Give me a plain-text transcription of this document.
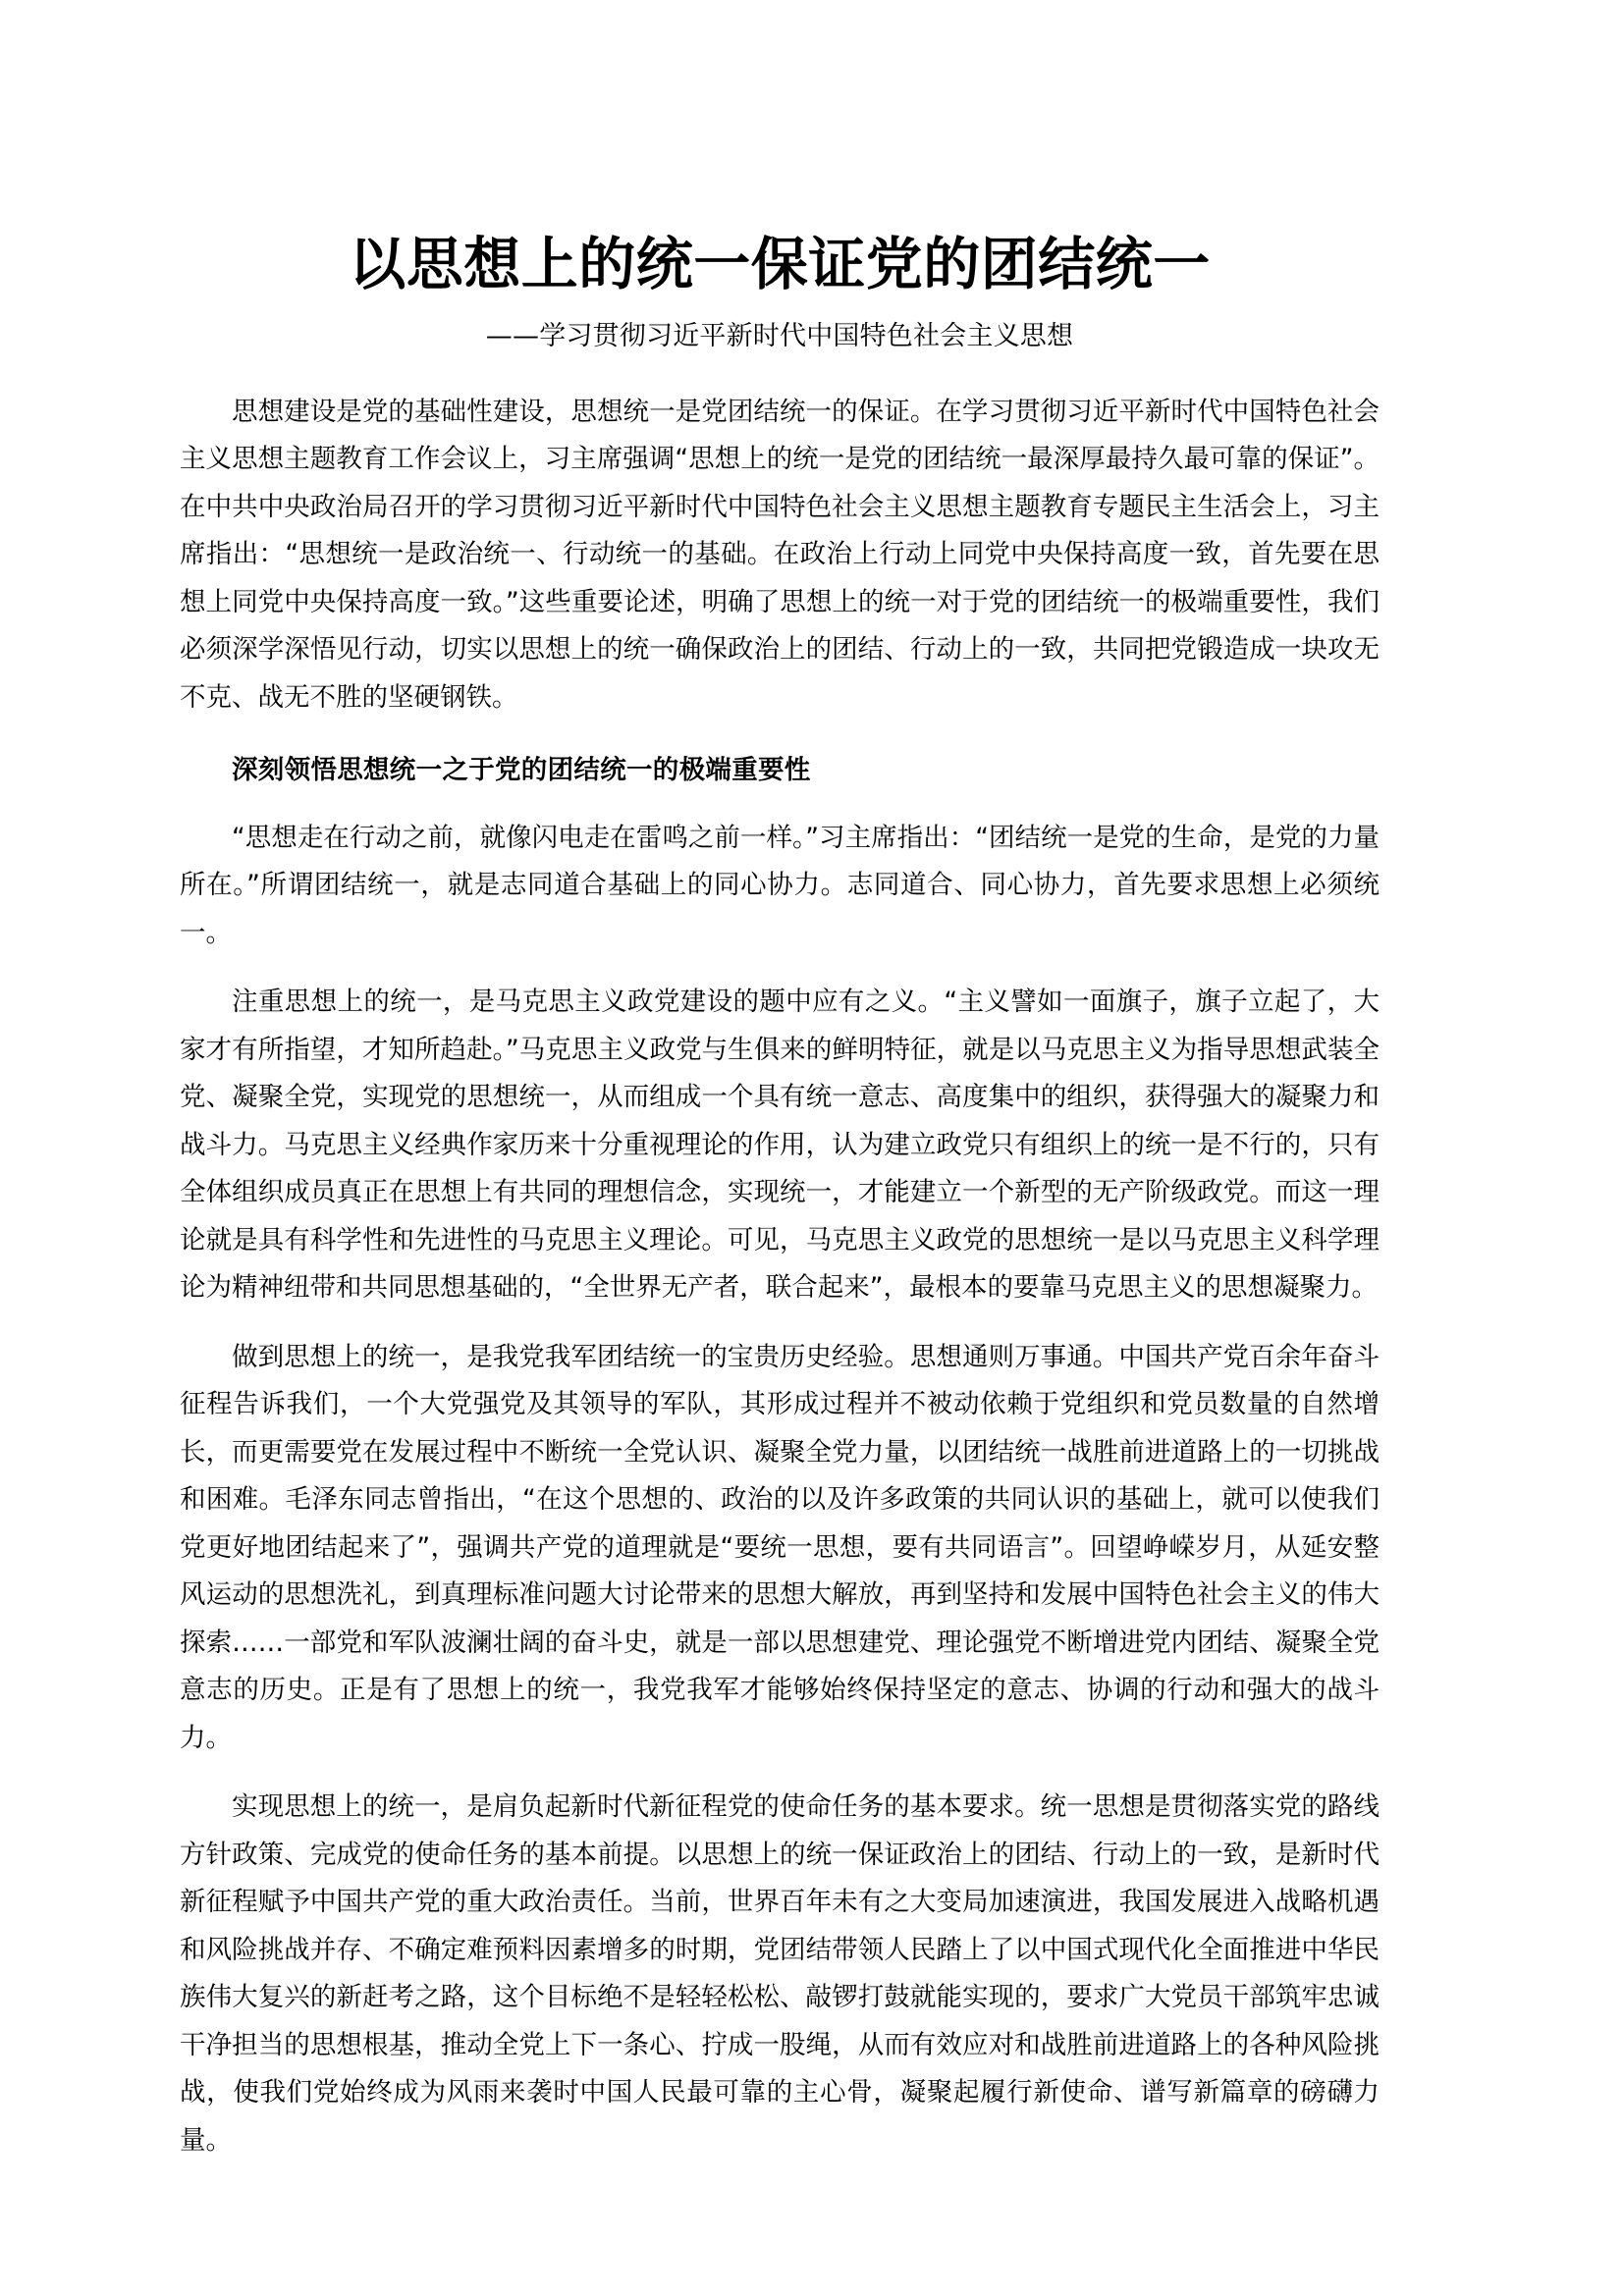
以思想上的统一保证党的团结统一
——学习贯彻习近平新时代中国特色社会主义思想

思想建设是党的基础性建设，思想统一是党团结统一的保证。在学习贯彻习近平新时代中国特色社会主义思想主题教育工作会议上，习主席强调“思想上的统一是党的团结统一最深厚最持久最可靠的保证”。在中共中央政治局召开的学习贯彻习近平新时代中国特色社会主义思想主题教育专题民主生活会上，习主席指出：“思想统一是政治统一、行动统一的基础。在政治上行动上同党中央保持高度一致，首先要在思想上同党中央保持高度一致。”这些重要论述，明确了思想上的统一对于党的团结统一的极端重要性，我们必须深学深悟见行动，切实以思想上的统一确保政治上的团结、行动上的一致，共同把党锻造成一块攻无不克、战无不胜的坚硬钢铁。

深刻领悟思想统一之于党的团结统一的极端重要性

“思想走在行动之前，就像闪电走在雷鸣之前一样。”习主席指出：“团结统一是党的生命，是党的力量所在。”所谓团结统一，就是志同道合基础上的同心协力。志同道合、同心协力，首先要求思想上必须统一。

注重思想上的统一，是马克思主义政党建设的题中应有之义。“主义譬如一面旗子，旗子立起了，大家才有所指望，才知所趋赴。”马克思主义政党与生俱来的鲜明特征，就是以马克思主义为指导思想武装全党、凝聚全党，实现党的思想统一，从而组成一个具有统一意志、高度集中的组织，获得强大的凝聚力和战斗力。马克思主义经典作家历来十分重视理论的作用，认为建立政党只有组织上的统一是不行的，只有全体组织成员真正在思想上有共同的理想信念，实现统一，才能建立一个新型的无产阶级政党。而这一理论就是具有科学性和先进性的马克思主义理论。可见，马克思主义政党的思想统一是以马克思主义科学理论为精神纽带和共同思想基础的，“全世界无产者，联合起来”，最根本的要靠马克思主义的思想凝聚力。

做到思想上的统一，是我党我军团结统一的宝贵历史经验。思想通则万事通。中国共产党百余年奋斗征程告诉我们，一个大党强党及其领导的军队，其形成过程并不被动依赖于党组织和党员数量的自然增长，而更需要党在发展过程中不断统一全党认识、凝聚全党力量，以团结统一战胜前进道路上的一切挑战和困难。毛泽东同志曾指出，“在这个思想的、政治的以及许多政策的共同认识的基础上，就可以使我们党更好地团结起来了”，强调共产党的道理就是“要统一思想，要有共同语言”。回望峥嵘岁月，从延安整风运动的思想洗礼，到真理标准问题大讨论带来的思想大解放，再到坚持和发展中国特色社会主义的伟大探索……一部党和军队波澜壮阔的奋斗史，就是一部以思想建党、理论强党不断增进党内团结、凝聚全党意志的历史。正是有了思想上的统一，我党我军才能够始终保持坚定的意志、协调的行动和强大的战斗力。

实现思想上的统一，是肩负起新时代新征程党的使命任务的基本要求。统一思想是贯彻落实党的路线方针政策、完成党的使命任务的基本前提。以思想上的统一保证政治上的团结、行动上的一致，是新时代新征程赋予中国共产党的重大政治责任。当前，世界百年未有之大变局加速演进，我国发展进入战略机遇和风险挑战并存、不确定难预料因素增多的时期，党团结带领人民踏上了以中国式现代化全面推进中华民族伟大复兴的新赶考之路，这个目标绝不是轻轻松松、敲锣打鼓就能实现的，要求广大党员干部筑牢忠诚干净担当的思想根基，推动全党上下一条心、拧成一股绳，从而有效应对和战胜前进道路上的各种风险挑战，使我们党始终成为风雨来袭时中国人民最可靠的主心骨，凝聚起履行新使命、谱写新篇章的磅礴力量。
